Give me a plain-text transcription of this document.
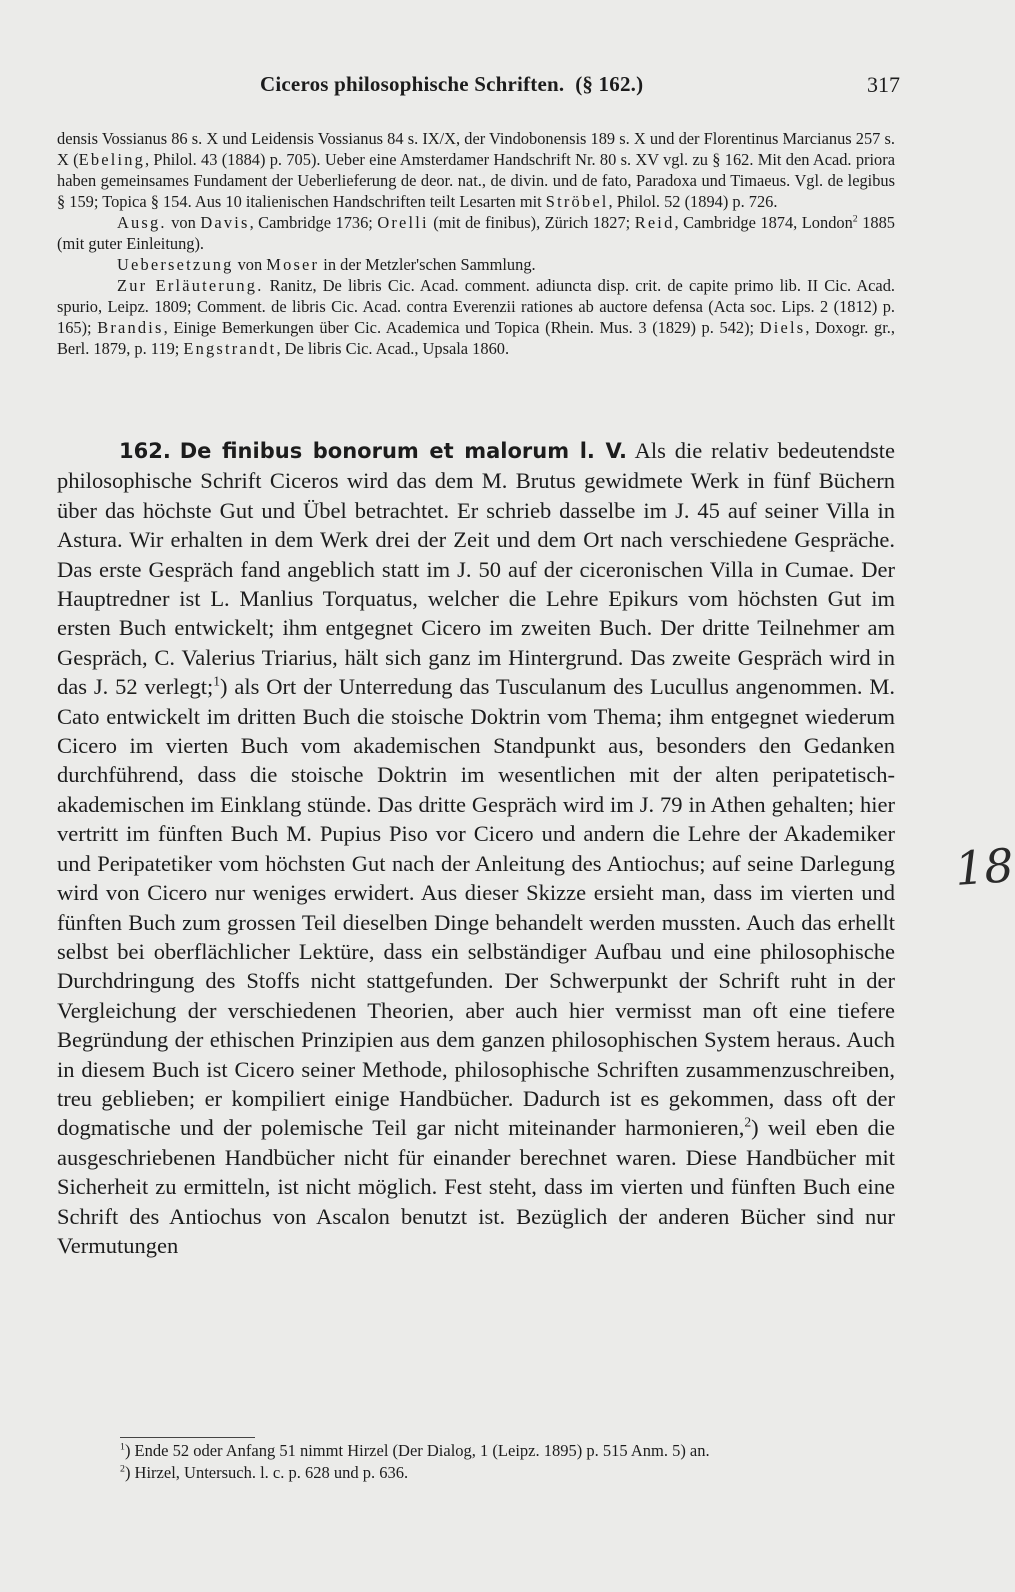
Ciceros philosophische Schriften. (§ 162.)	317

densis Vossianus 86 s. X und Leidensis Vossianus 84 s. IX/X, der Vindobonensis 189 s. X und der Florentinus Marcianus 257 s. X (Ebeling, Philol. 43 (1884) p. 705). Ueber eine Amsterdamer Handschrift Nr. 80 s. XV vgl. zu § 162. Mit den Acad. priora haben gemeinsames Fundament der Ueberlieferung de deor. nat., de divin. und de fato, Paradoxa und Timaeus. Vgl. de legibus § 159; Topica § 154. Aus 10 italienischen Handschriften teilt Lesarten mit Ströbel, Philol. 52 (1894) p. 726.

Ausg. von Davis, Cambridge 1736; Orelli (mit de finibus), Zürich 1827; Reid, Cambridge 1874, London$^2$ 1885 (mit guter Einleitung).

Uebersetzung von Moser in der Metzler'schen Sammlung.

Zur Erläuterung. Ranitz, De libris Cic. Acad. comment. adiuncta disp. crit. de capite primo lib. II Cic. Acad. spurio, Leipz. 1809; Comment. de libris Cic. Acad. contra Everenzii rationes ab auctore defensa (Acta soc. Lips. 2 (1812) p. 165); Brandis, Einige Bemerkungen über Cic. Academica und Topica (Rhein. Mus. 3 (1829) p. 542); Diels, Doxogr. gr., Berl. 1879, p. 119; Engstrandt, De libris Cic. Acad., Upsala 1860.

162. De finibus bonorum et malorum l. V. Als die relativ bedeutendste philosophische Schrift Ciceros wird das dem M. Brutus gewidmete Werk in fünf Büchern über das höchste Gut und Übel betrachtet. Er schrieb dasselbe im J. 45 auf seiner Villa in Astura. Wir erhalten in dem Werk drei der Zeit und dem Ort nach verschiedene Gespräche. Das erste Gespräch fand angeblich statt im J. 50 auf der ciceronischen Villa in Cumae. Der Hauptredner ist L. Manlius Torquatus, welcher die Lehre Epikurs vom höchsten Gut im ersten Buch entwickelt; ihm entgegnet Cicero im zweiten Buch. Der dritte Teilnehmer am Gespräch, C. Valerius Triarius, hält sich ganz im Hintergrund. Das zweite Gespräch wird in das J. 52 verlegt;$^1$) als Ort der Unterredung das Tusculanum des Lucullus angenommen. M. Cato entwickelt im dritten Buch die stoische Doktrin vom Thema; ihm entgegnet wiederum Cicero im vierten Buch vom akademischen Standpunkt aus, besonders den Gedanken durchführend, dass die stoische Doktrin im wesentlichen mit der alten peripatetisch-akademischen im Einklang stünde. Das dritte Gespräch wird im J. 79 in Athen gehalten; hier vertritt im fünften Buch M. Pupius Piso vor Cicero und andern die Lehre der Akademiker und Peripatetiker vom höchsten Gut nach der Anleitung des Antiochus; auf seine Darlegung wird von Cicero nur weniges erwidert. Aus dieser Skizze ersieht man, dass im vierten und fünften Buch zum grossen Teil dieselben Dinge behandelt werden mussten. Auch das erhellt selbst bei oberflächlicher Lektüre, dass ein selbständiger Aufbau und eine philosophische Durchdringung des Stoffs nicht stattgefunden. Der Schwerpunkt der Schrift ruht in der Vergleichung der verschiedenen Theorien, aber auch hier vermisst man oft eine tiefere Begründung der ethischen Prinzipien aus dem ganzen philosophischen System heraus. Auch in diesem Buch ist Cicero seiner Methode, philosophische Schriften zusammenzuschreiben, treu geblieben; er kompiliert einige Handbücher. Dadurch ist es gekommen, dass oft der dogmatische und der polemische Teil gar nicht miteinander harmonieren,$^2$) weil eben die ausgeschriebenen Handbücher nicht für einander berechnet waren. Diese Handbücher mit Sicherheit zu ermitteln, ist nicht möglich. Fest steht, dass im vierten und fünften Buch eine Schrift des Antiochus von Ascalon benutzt ist. Bezüglich der anderen Bücher sind nur Vermutungen

$^1$) Ende 52 oder Anfang 51 nimmt Hirzel (Der Dialog, 1 (Leipz. 1895) p. 515 Anm. 5) an.

$^2$) Hirzel, Untersuch. l. c. p. 628 und p. 636.

18
